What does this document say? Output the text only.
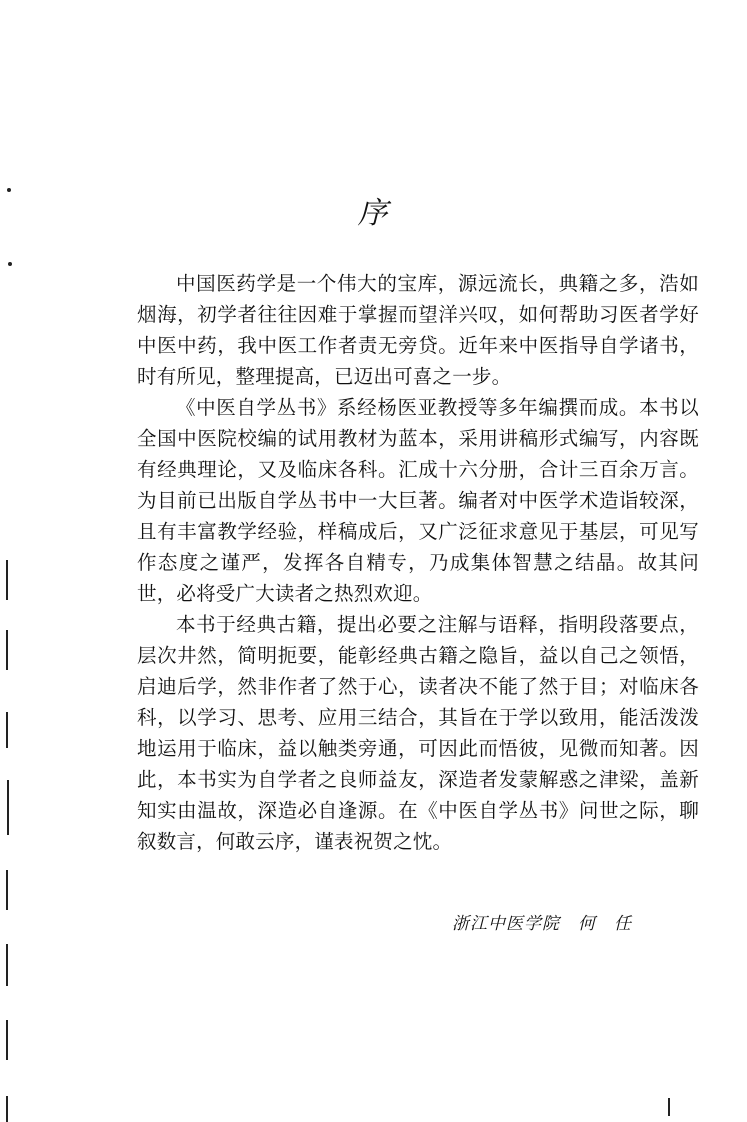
序

中国医药学是一个伟大的宝库，源远流长，典籍之多，浩如烟海，初学者往往因难于掌握而望洋兴叹，如何帮助习医者学好中医中药，我中医工作者责无旁贷。近年来中医指导自学诸书，时有所见，整理提高，已迈出可喜之一步。

《中医自学丛书》系经杨医亚教授等多年编撰而成。本书以全国中医院校编的试用教材为蓝本，采用讲稿形式编写，内容既有经典理论，又及临床各科。汇成十六分册，合计三百余万言。为目前已出版自学丛书中一大巨著。编者对中医学术造诣较深，且有丰富教学经验，样稿成后，又广泛征求意见于基层，可见写作态度之谨严，发挥各自精专，乃成集体智慧之结晶。故其问世，必将受广大读者之热烈欢迎。

本书于经典古籍，提出必要之注解与语释，指明段落要点，层次井然，简明扼要，能彰经典古籍之隐旨，益以自己之领悟，启迪后学，然非作者了然于心，读者决不能了然于目；对临床各科，以学习、思考、应用三结合，其旨在于学以致用，能活泼泼地运用于临床，益以触类旁通，可因此而悟彼，见微而知著。因此，本书实为自学者之良师益友，深造者发蒙解惑之津梁，盖新知实由温故，深造必自逢源。在《中医自学丛书》问世之际，聊叙数言，何敢云序，谨表祝贺之忱。

浙江中医学院　何　任
